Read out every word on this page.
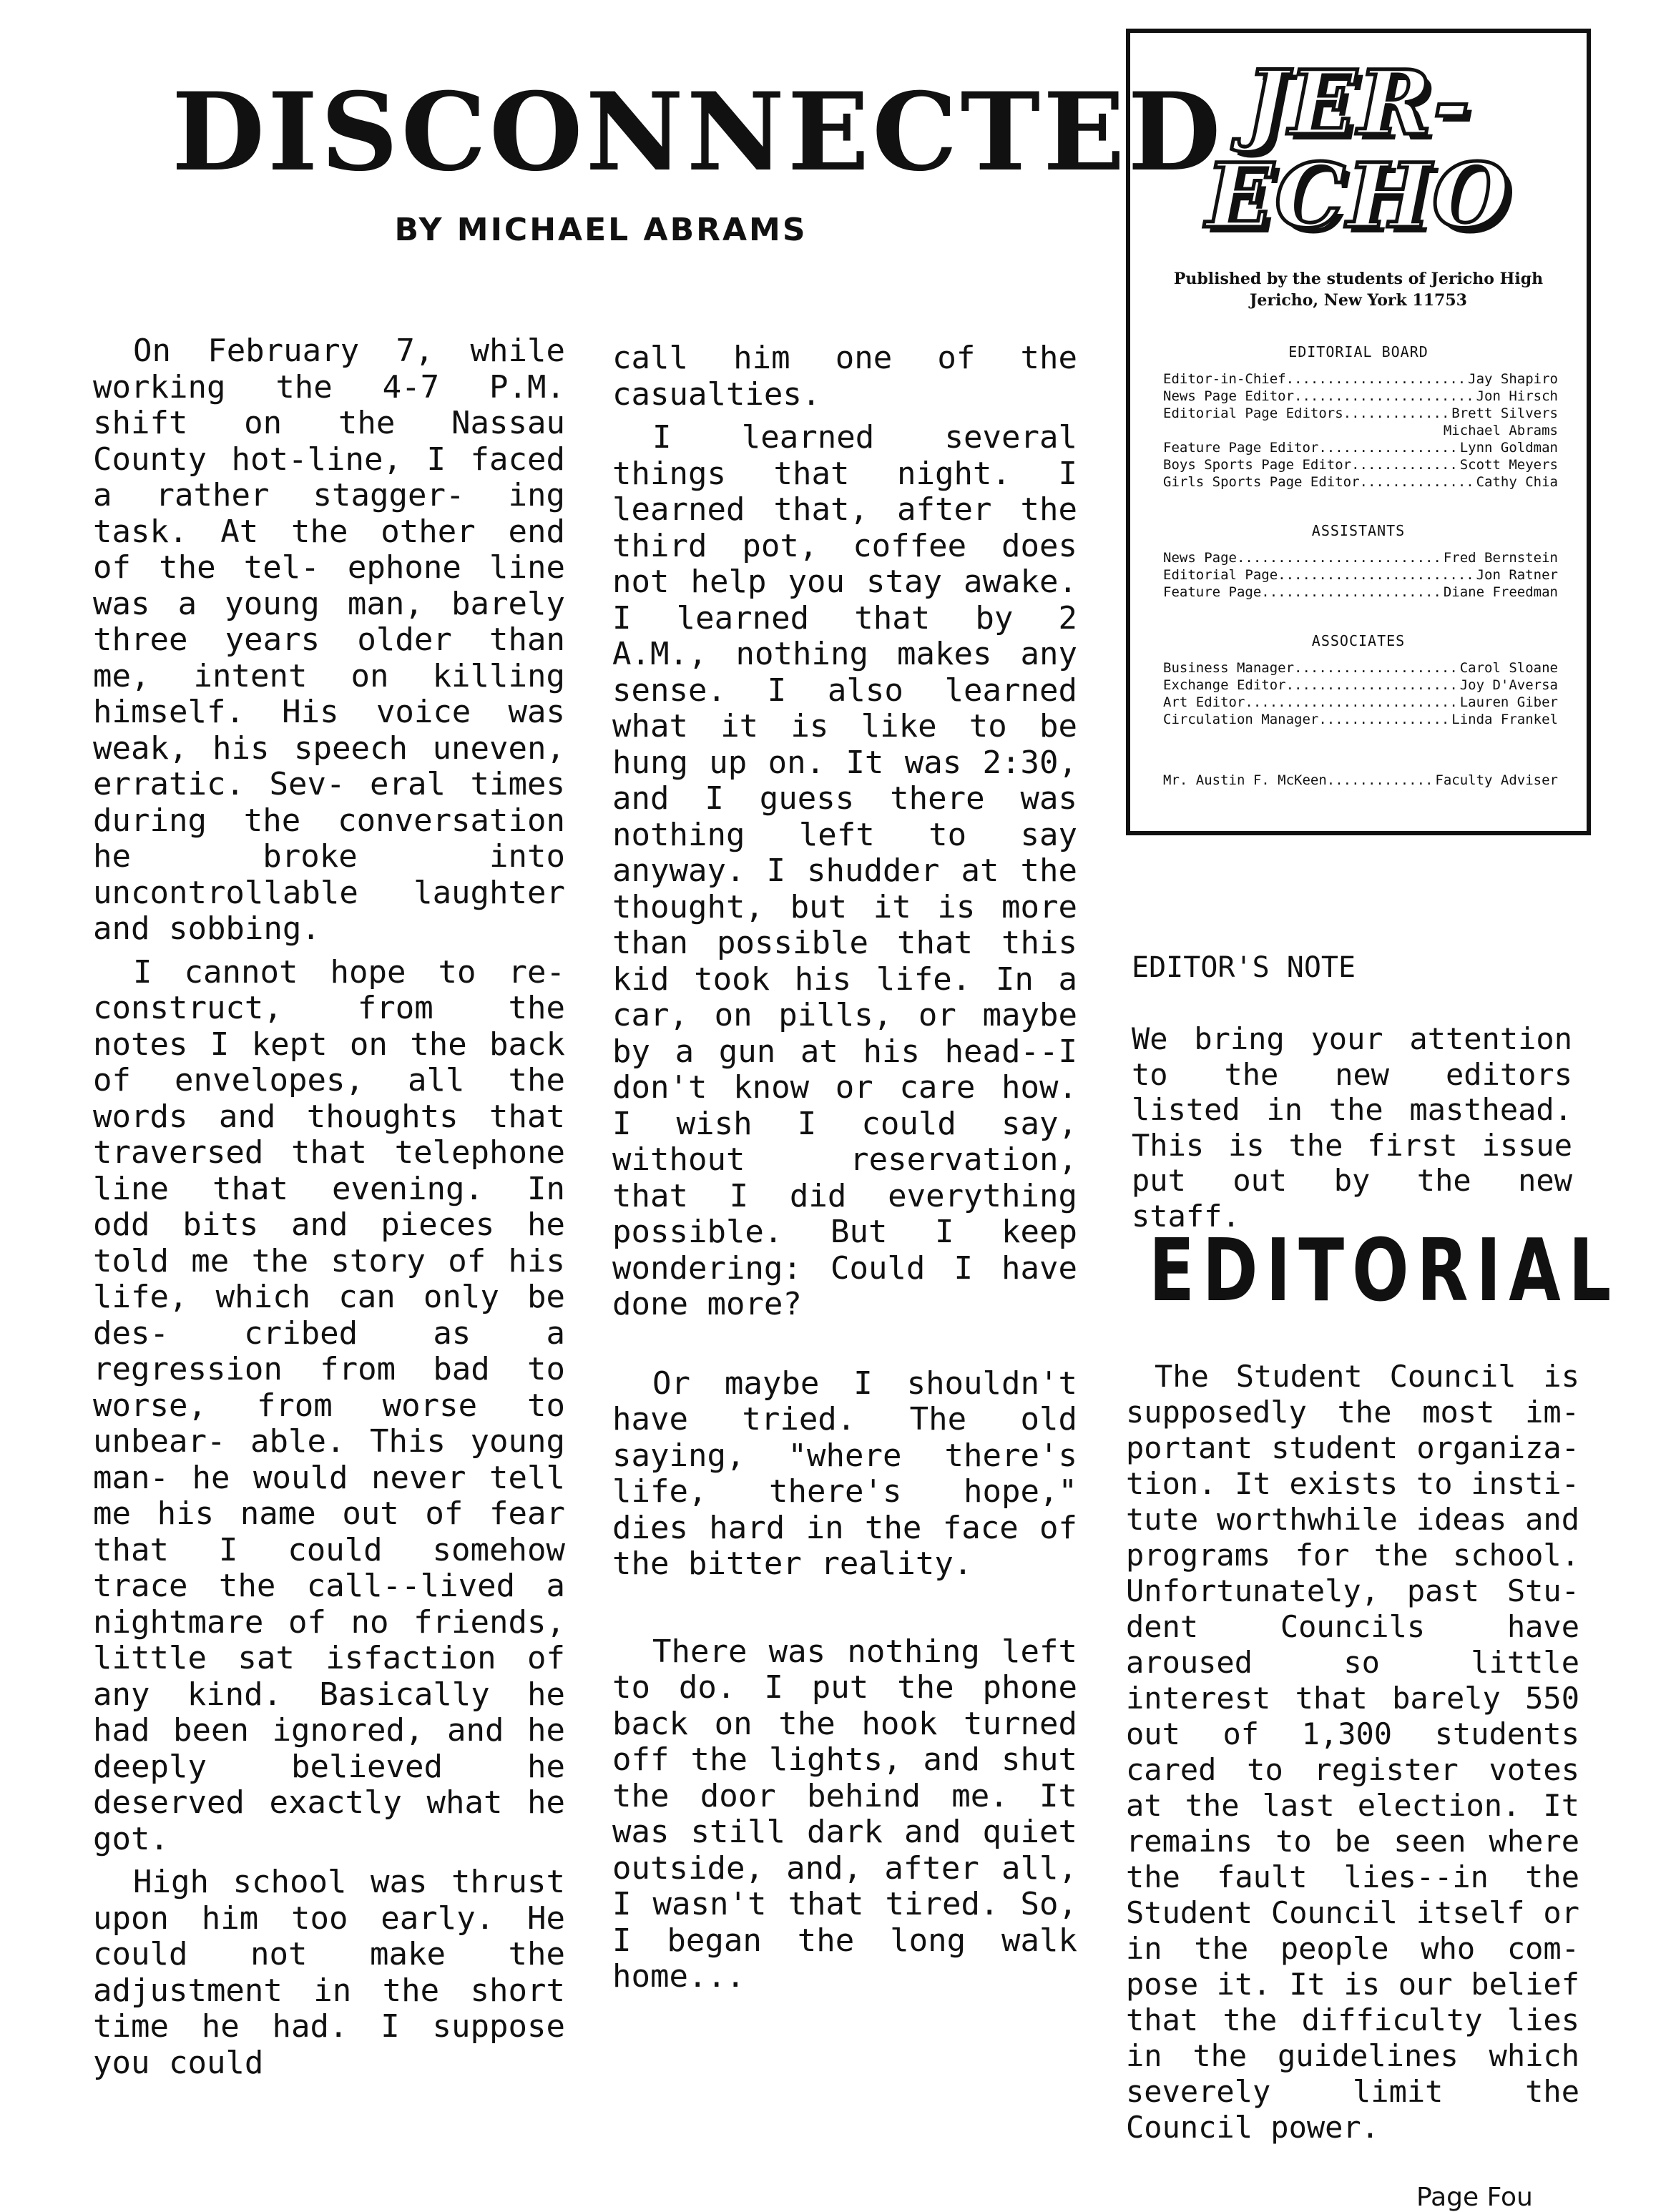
DISCONNECTED
BY MICHAEL ABRAMS

On February 7, while working the 4-7 P.M. shift on the Nassau County hot-line, I faced a rather stagger- ing task. At the other end of the tel- ephone line was a young man, barely three years older than me, intent on killing himself. His voice was weak, his speech uneven, erratic. Sev- eral times during the conversation he broke into uncontrollable laughter and sobbing.

I cannot hope to re- construct, from the notes I kept on the back of envelopes, all the words and thoughts that traversed that telephone line that evening. In odd bits and pieces he told me the story of his life, which can only be des- cribed as a regression from bad to worse, from worse to unbear- able. This young man- he would never tell me his name out of fear that I could somehow trace the call--lived a nightmare of no friends, little sat isfaction of any kind. Basically he had been ignored, and he deeply believed he deserved exactly what he got.

High school was thrust upon him too early. He could not make the adjustment in the short time he had. I suppose you could

call him one of the casualties.

I learned several things that night. I learned that, after the third pot, coffee does not help you stay awake. I learned that by 2 A.M., nothing makes any sense. I also learned what it is like to be hung up on. It was 2:30, and I guess there was nothing left to say anyway. I shudder at the thought, but it is more than possible that this kid took his life. In a car, on pills, or maybe by a gun at his head--I don't know or care how. I wish I could say, without reservation, that I did everything possible. But I keep wondering: Could I have done more?

Or maybe I shouldn't have tried. The old saying, "where there's life, there's hope," dies hard in the face of the bitter reality.

There was nothing left to do. I put the phone back on the hook turned off the lights, and shut the door behind me. It was still dark and quiet outside, and, after all, I wasn't that tired. So, I began the long walk home...

JER-ECHO
Published by the students of Jericho High
Jericho, New York 11753
EDITORIAL BOARD
Editor-in-Chief .....	Jay Shapiro
News Page Editor .....	Jon Hirsch
Editorial Page Editors .....	Brett Silvers
Michael Abrams
Feature Page Editor .....	Lynn Goldman
Boys Sports Page Editor .....	Scott Meyers
Girls Sports Page Editor .....	Cathy Chia
ASSISTANTS
News Page .....	Fred Bernstein
Editorial Page .....	Jon Ratner
Feature Page .....	Diane Freedman
ASSOCIATES
Business Manager .....	Carol Sloane
Exchange Editor .....	Joy D'Aversa
Art Editor .....	Lauren Giber
Circulation Manager .....	Linda Frankel
Mr. Austin F. McKeen .....	Faculty Adviser
EDITOR'S NOTE
We bring your attention to the new editors listed in the masthead. This is the first issue put out by the new staff.
EDITORIAL

The Student Council is supposedly the most im- portant student organiza- tion. It exists to insti- tute worthwhile ideas and programs for the school. Unfortunately, past Stu- dent Councils have aroused so little interest that barely 550 out of 1,300 students cared to register votes at the last election. It remains to be seen where the fault lies--in the Student Council itself or in the people who com- pose it. It is our belief that the difficulty lies in the guidelines which severely limit the Council power.

Page Fou
